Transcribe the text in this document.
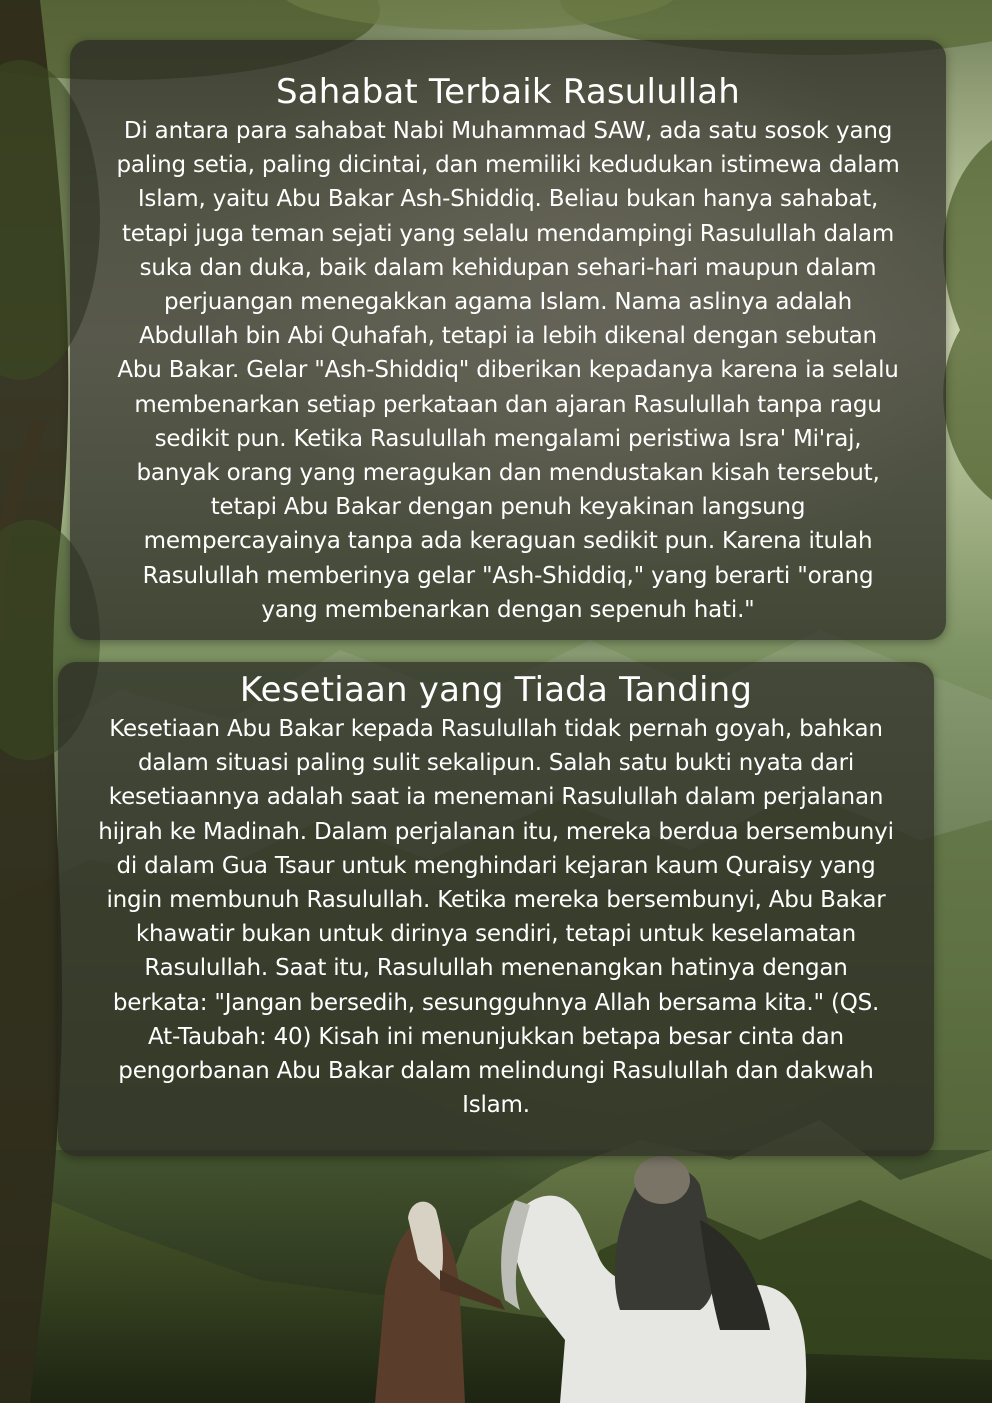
Sahabat Terbaik Rasulullah

Di antara para sahabat Nabi Muhammad SAW, ada satu sosok yang paling setia, paling dicintai, dan memiliki kedudukan istimewa dalam Islam, yaitu Abu Bakar Ash-Shiddiq. Beliau bukan hanya sahabat, tetapi juga teman sejati yang selalu mendampingi Rasulullah dalam suka dan duka, baik dalam kehidupan sehari-hari maupun dalam perjuangan menegakkan agama Islam. Nama aslinya adalah Abdullah bin Abi Quhafah, tetapi ia lebih dikenal dengan sebutan Abu Bakar. Gelar "Ash-Shiddiq" diberikan kepadanya karena ia selalu membenarkan setiap perkataan dan ajaran Rasulullah tanpa ragu sedikit pun. Ketika Rasulullah mengalami peristiwa Isra' Mi'raj, banyak orang yang meragukan dan mendustakan kisah tersebut, tetapi Abu Bakar dengan penuh keyakinan langsung mempercayainya tanpa ada keraguan sedikit pun. Karena itulah Rasulullah memberinya gelar "Ash-Shiddiq," yang berarti "orang yang membenarkan dengan sepenuh hati."

Kesetiaan yang Tiada Tanding

Kesetiaan Abu Bakar kepada Rasulullah tidak pernah goyah, bahkan dalam situasi paling sulit sekalipun. Salah satu bukti nyata dari kesetiaannya adalah saat ia menemani Rasulullah dalam perjalanan hijrah ke Madinah. Dalam perjalanan itu, mereka berdua bersembunyi di dalam Gua Tsaur untuk menghindari kejaran kaum Quraisy yang ingin membunuh Rasulullah. Ketika mereka bersembunyi, Abu Bakar khawatir bukan untuk dirinya sendiri, tetapi untuk keselamatan Rasulullah. Saat itu, Rasulullah menenangkan hatinya dengan berkata: "Jangan bersedih, sesungguhnya Allah bersama kita." (QS. At-Taubah: 40) Kisah ini menunjukkan betapa besar cinta dan pengorbanan Abu Bakar dalam melindungi Rasulullah dan dakwah Islam.
